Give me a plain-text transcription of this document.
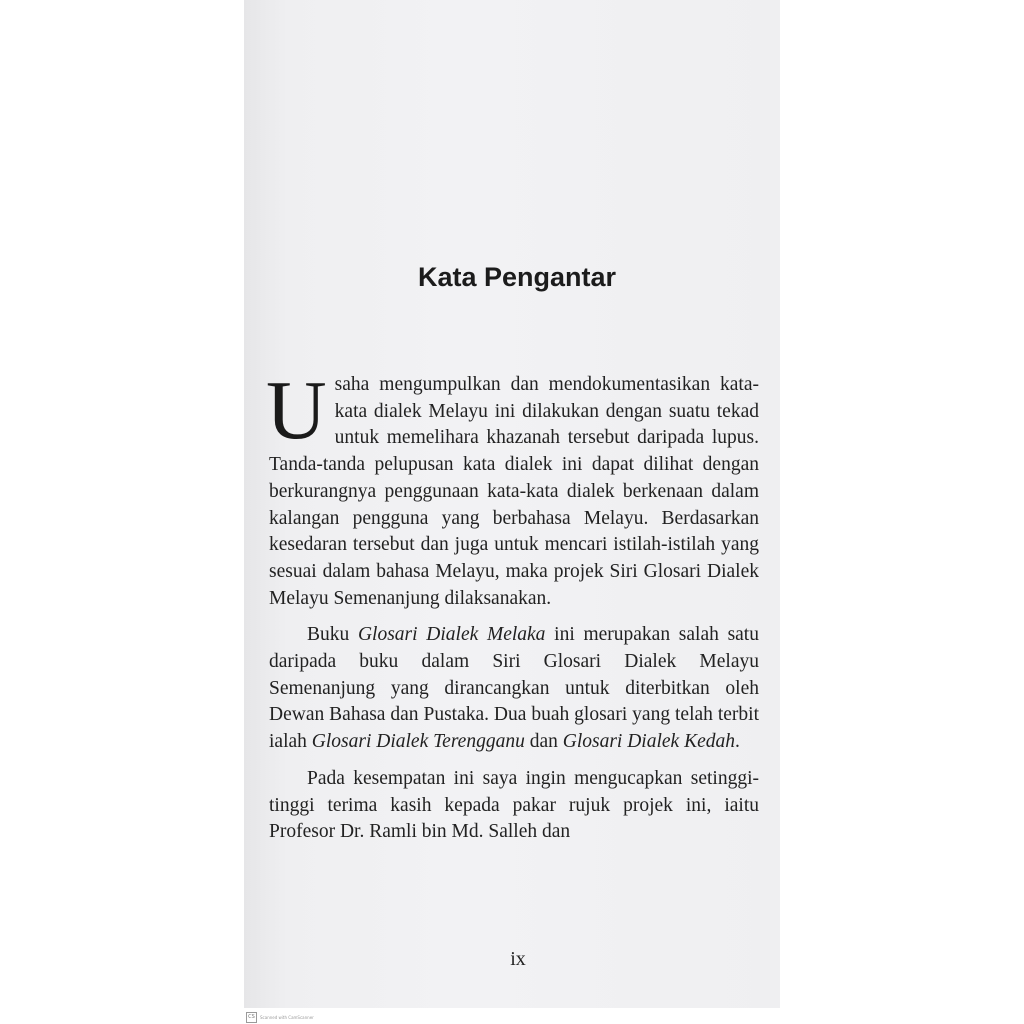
Kata Pengantar

Usaha mengumpulkan dan mendokumentasikan kata-kata dialek Melayu ini dilakukan dengan suatu tekad untuk memelihara khazanah tersebut daripada lupus. Tanda-tanda pelupusan kata dialek ini dapat dilihat dengan berkurangnya penggunaan kata-kata dialek berkenaan dalam kalangan pengguna yang berbahasa Melayu. Berdasarkan kesedaran tersebut dan juga untuk mencari istilah-istilah yang sesuai dalam bahasa Melayu, maka projek Siri Glosari Dialek Melayu Semenanjung dilaksanakan.

Buku Glosari Dialek Melaka ini merupakan salah satu daripada buku dalam Siri Glosari Dialek Melayu Semenanjung yang dirancangkan untuk diterbitkan oleh Dewan Bahasa dan Pustaka. Dua buah glosari yang telah terbit ialah Glosari Dialek Terengganu dan Glosari Dialek Kedah.

Pada kesempatan ini saya ingin mengucapkan setinggi-tinggi terima kasih kepada pakar rujuk projek ini, iaitu Profesor Dr. Ramli bin Md. Salleh dan

ix
CS	Scanned with CamScanner
